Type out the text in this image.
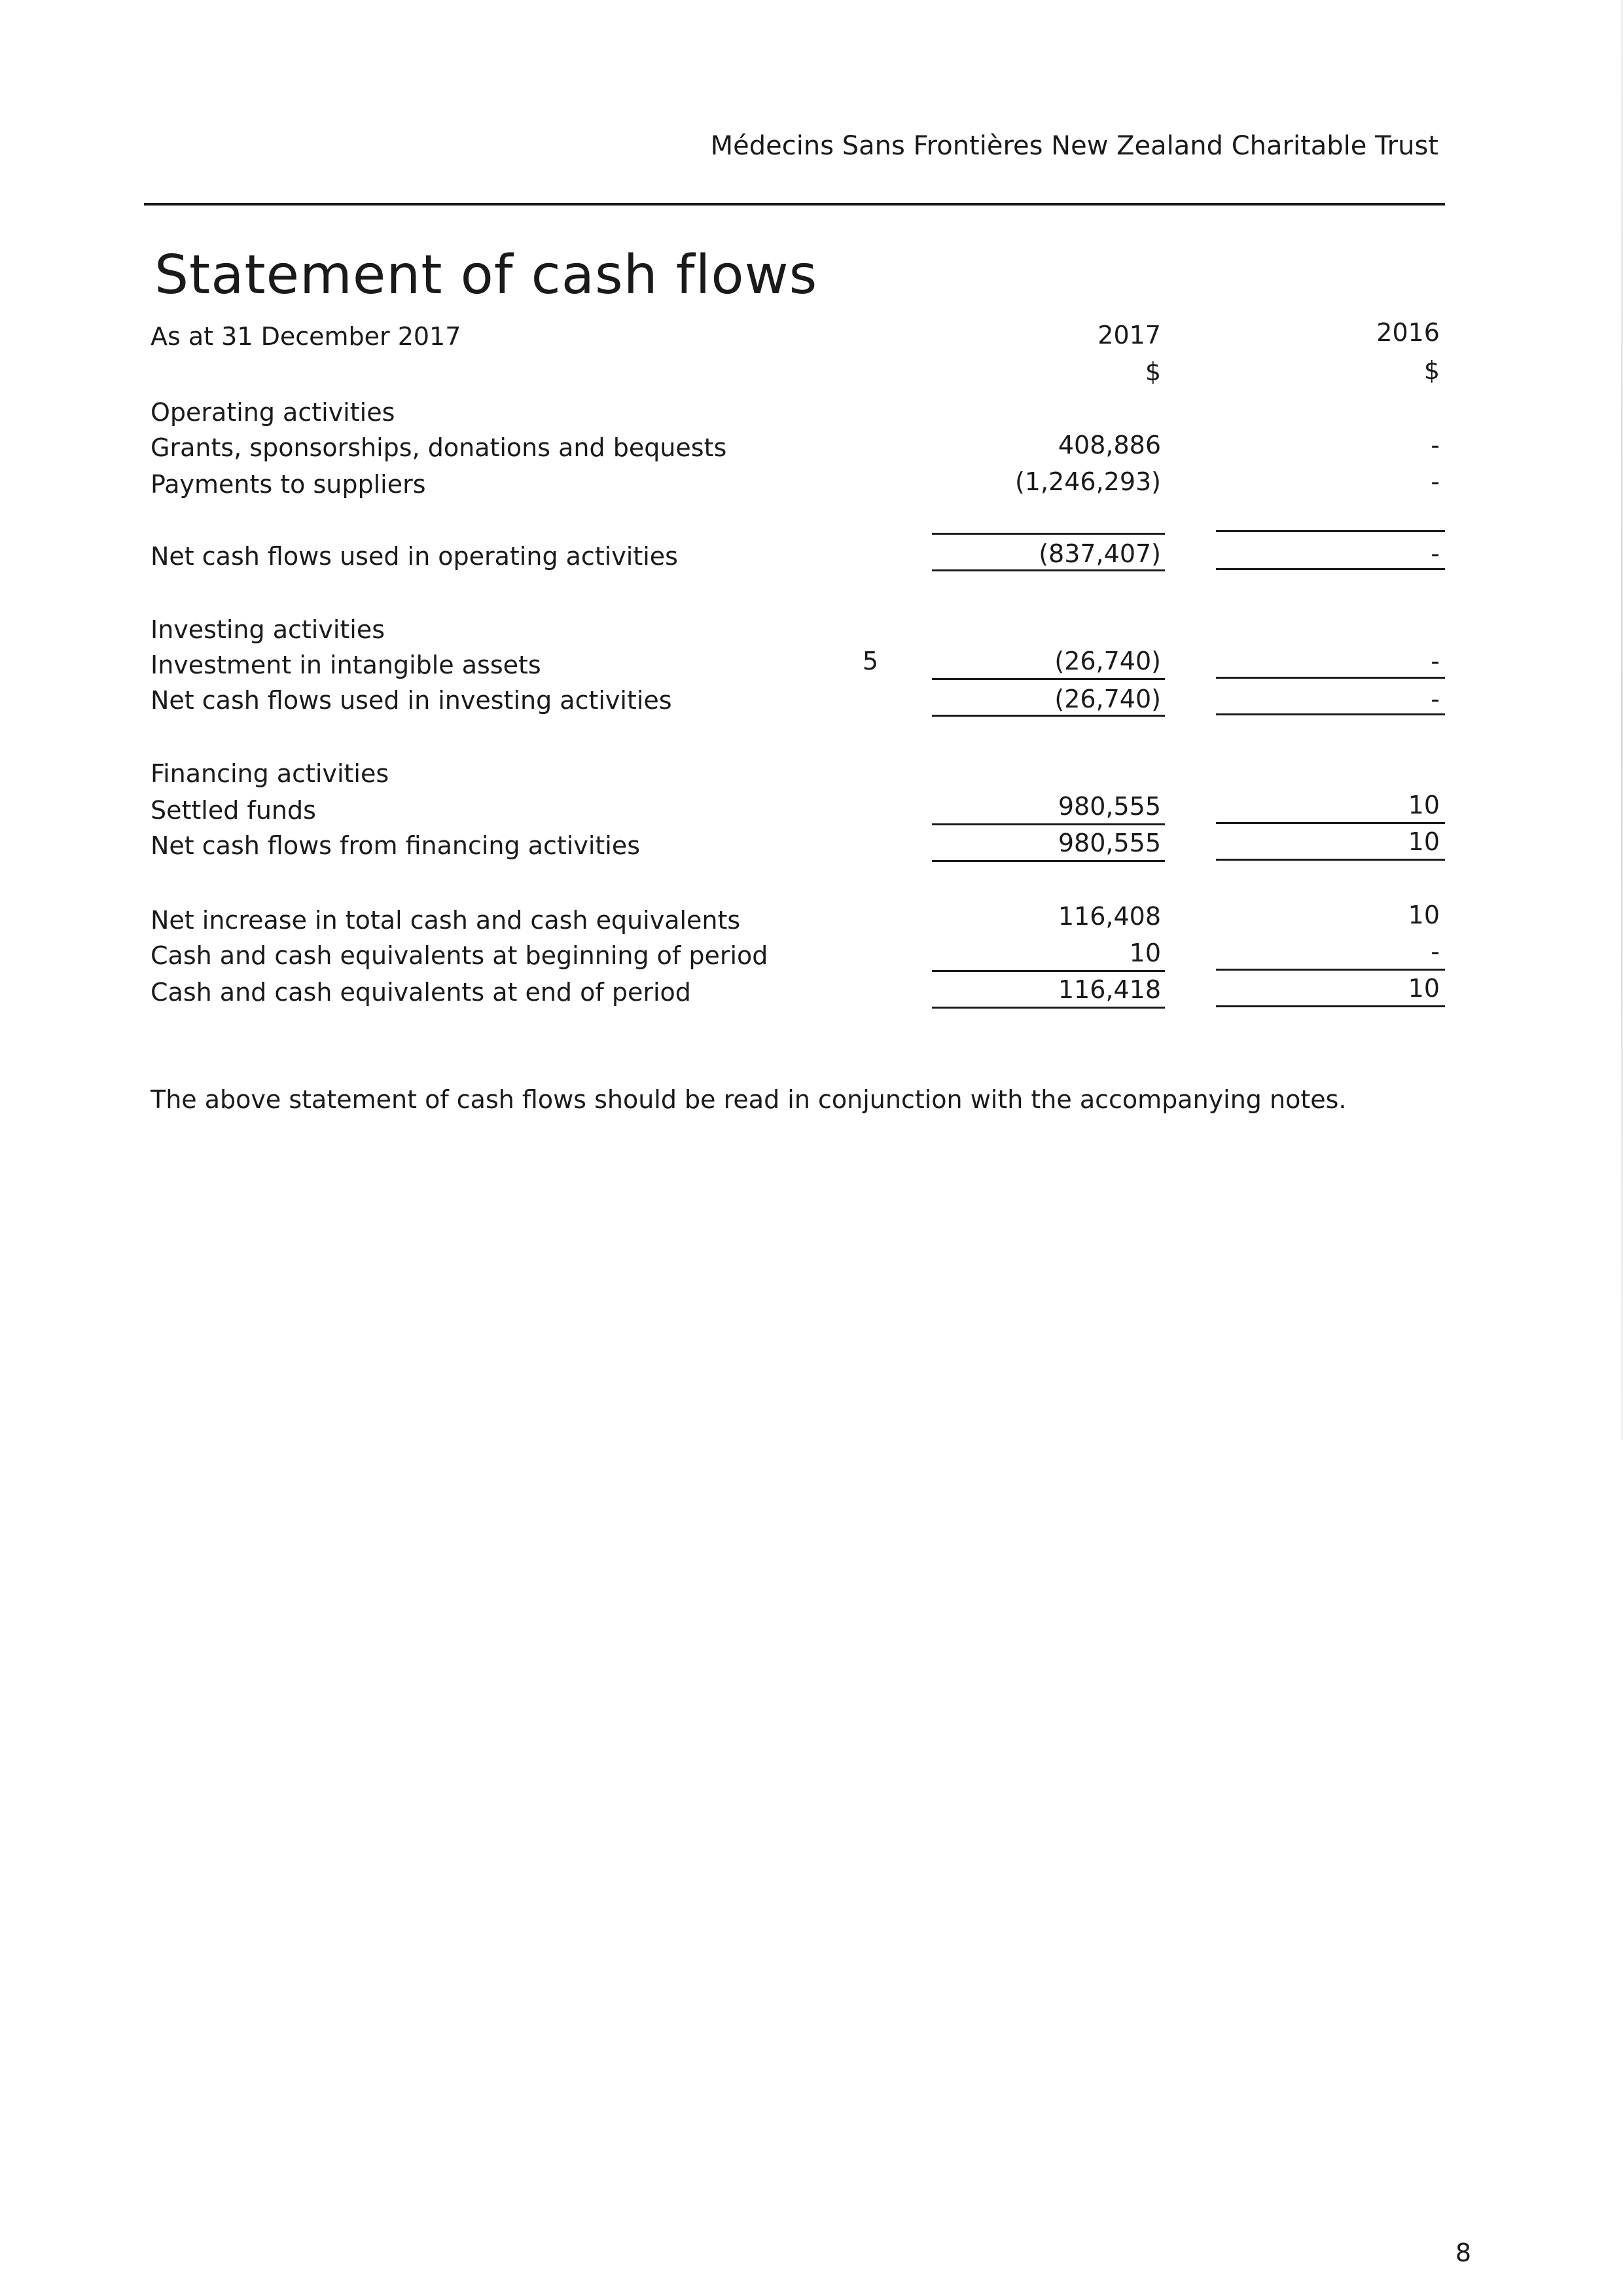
Médecins Sans Frontières New Zealand Charitable Trust
Statement of cash flows
As at 31 December 2017	2017	2016
$	$
Operating activities
Grants, sponsorships, donations and bequests	408,886	-
Payments to suppliers	(1,246,293)	-
Net cash flows used in operating activities	(837,407)	-
Investing activities
Investment in intangible assets	5	(26,740)	-
Net cash flows used in investing activities	(26,740)	-
Financing activities
Settled funds	980,555	10
Net cash flows from financing activities	980,555	10
Net increase in total cash and cash equivalents	116,408	10
Cash and cash equivalents at beginning of period	10	-
Cash and cash equivalents at end of period	116,418	10
The above statement of cash flows should be read in conjunction with the accompanying notes.
8
